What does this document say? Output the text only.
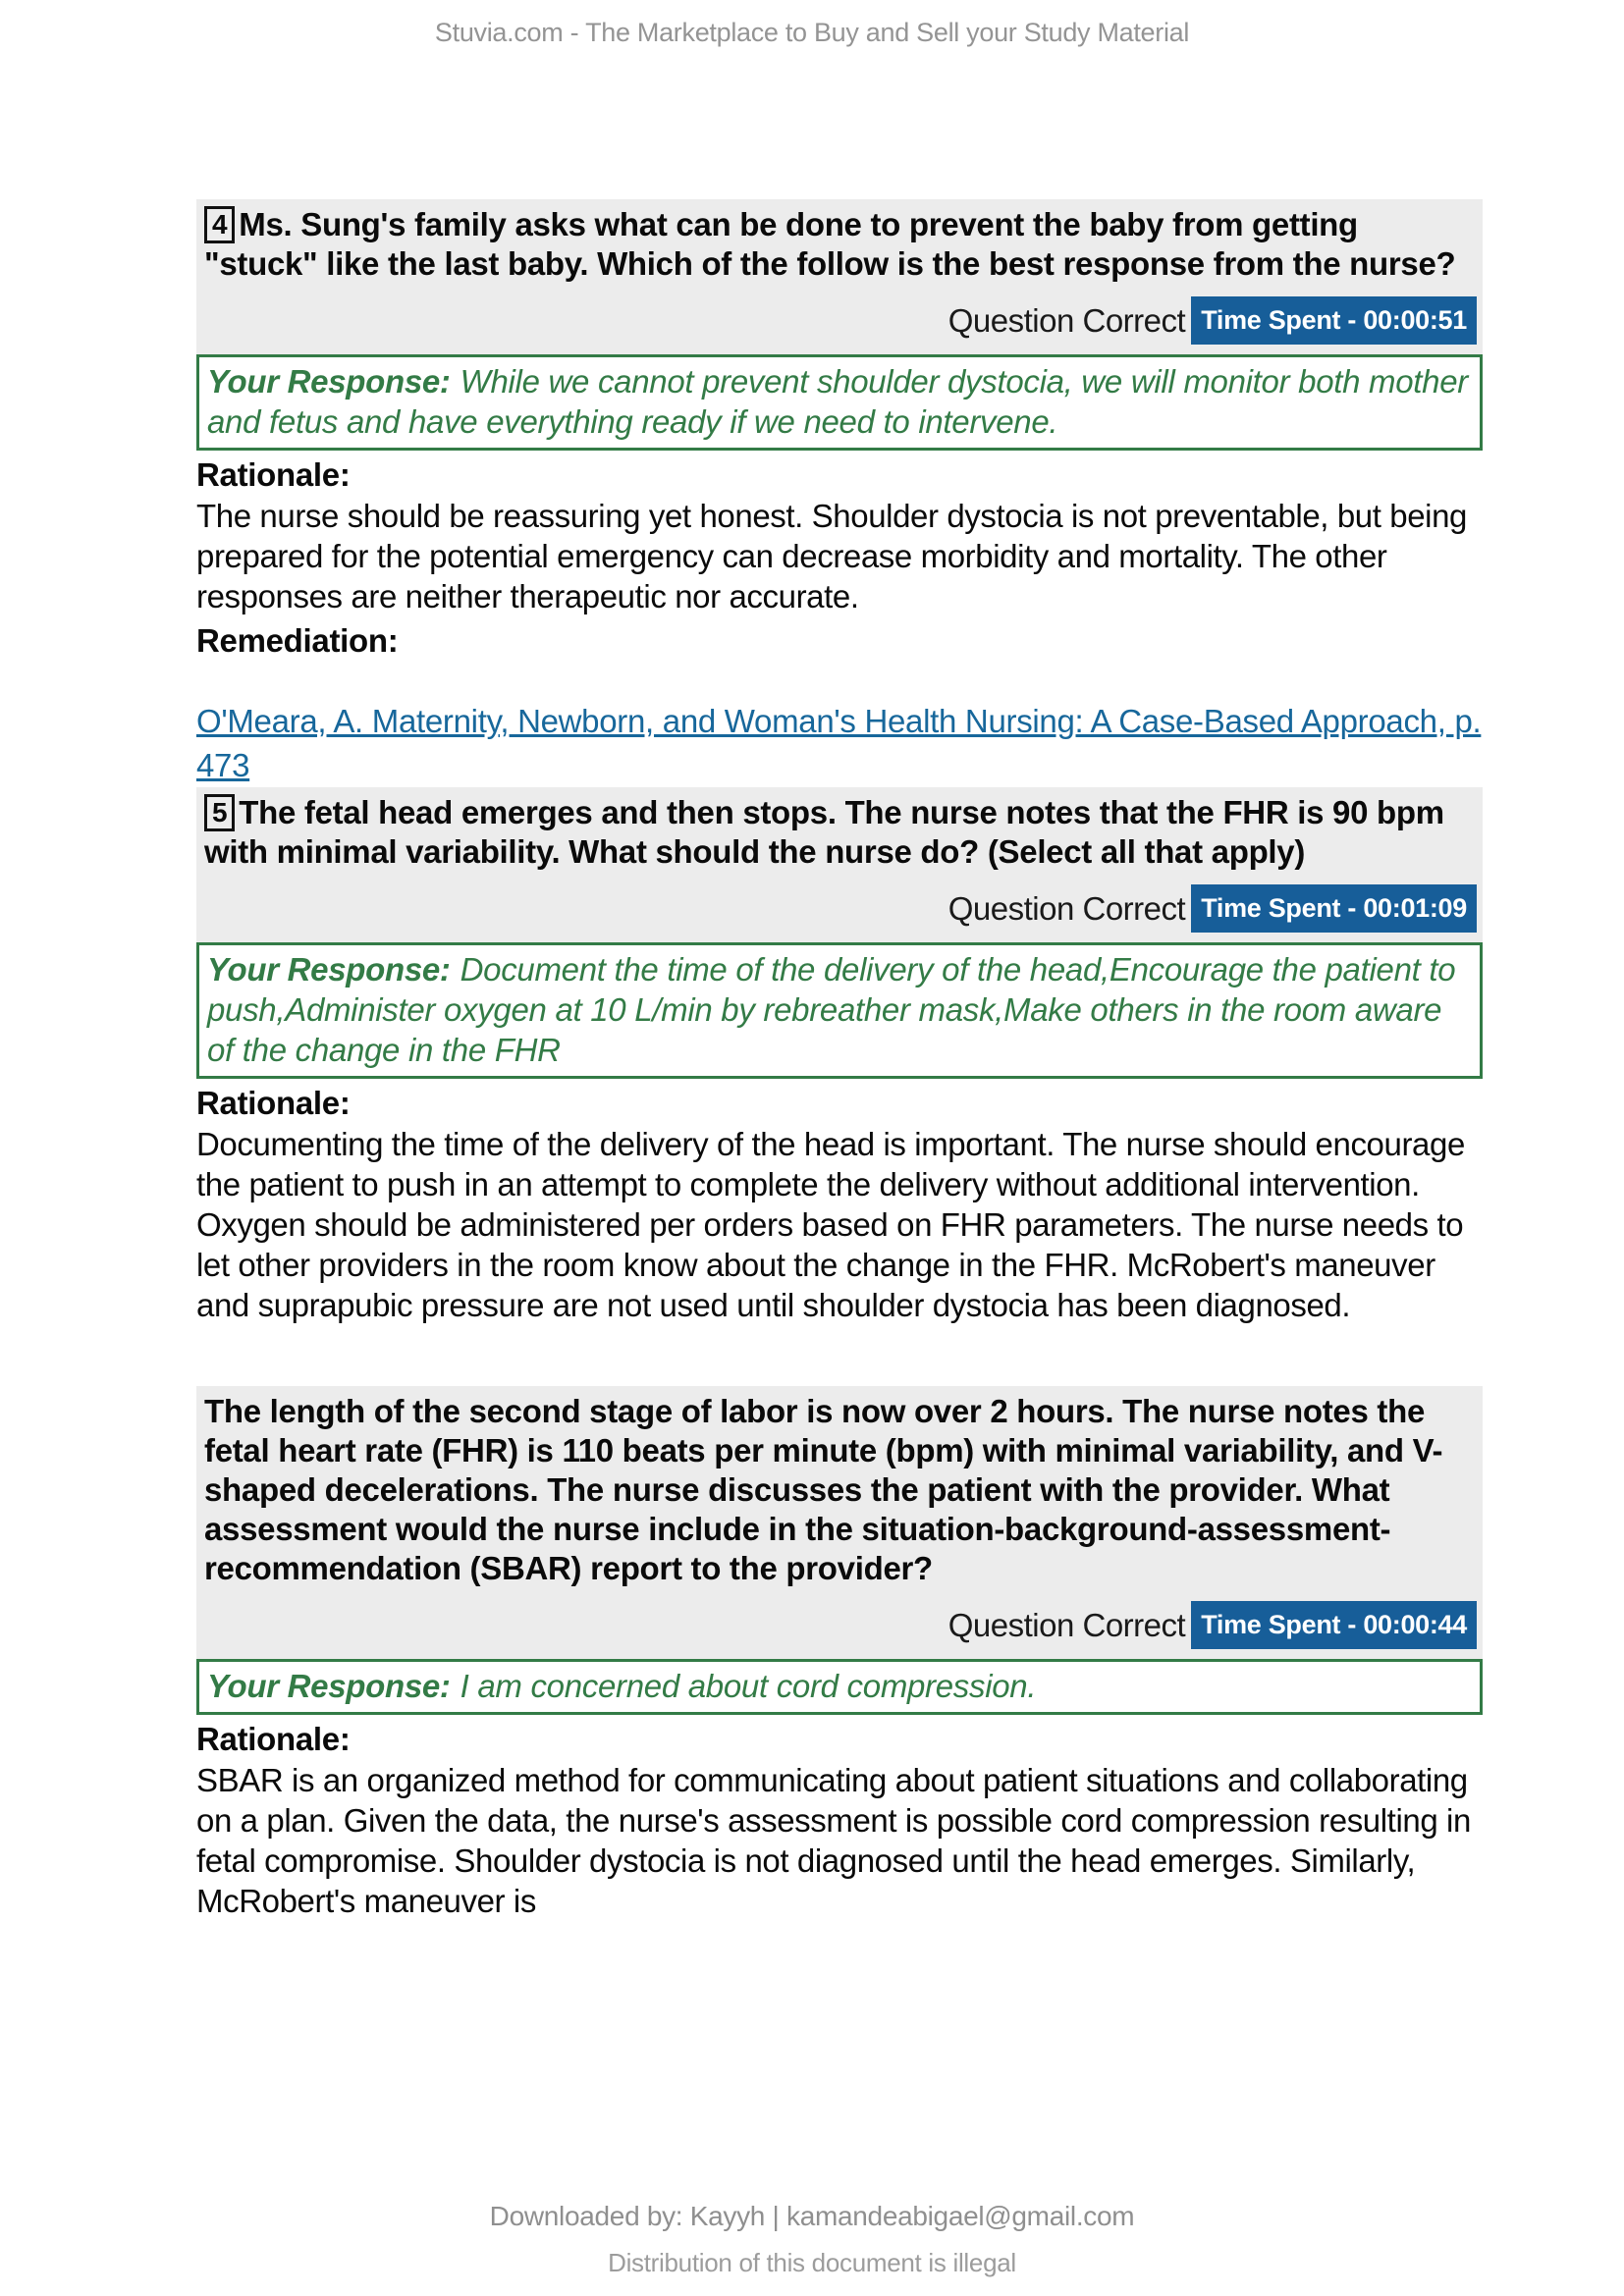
Stuvia.com - The Marketplace to Buy and Sell your Study Material
4 Ms. Sung's family asks what can be done to prevent the baby from getting "stuck" like the last baby. Which of the follow is the best response from the nurse?
Question Correct Time Spent - 00:00:51
Your Response: While we cannot prevent shoulder dystocia, we will monitor both mother and fetus and have everything ready if we need to intervene.
Rationale:

The nurse should be reassuring yet honest. Shoulder dystocia is not preventable, but being prepared for the potential emergency can decrease morbidity and mortality. The other responses are neither therapeutic nor accurate.

Remediation:
O'Meara, A. Maternity, Newborn, and Woman's Health Nursing: A Case-Based Approach, p. 473
5 The fetal head emerges and then stops. The nurse notes that the FHR is 90 bpm with minimal variability. What should the nurse do? (Select all that apply)
Question Correct Time Spent - 00:01:09
Your Response: Document the time of the delivery of the head,Encourage the patient to push,Administer oxygen at 10 L/min by rebreather mask,Make others in the room aware of the change in the FHR
Rationale:

Documenting the time of the delivery of the head is important. The nurse should encourage the patient to push in an attempt to complete the delivery without additional intervention. Oxygen should be administered per orders based on FHR parameters. The nurse needs to let other providers in the room know about the change in the FHR. McRobert's maneuver and suprapubic pressure are not used until shoulder dystocia has been diagnosed.

The length of the second stage of labor is now over 2 hours. The nurse notes the fetal heart rate (FHR) is 110 beats per minute (bpm) with minimal variability, and V-shaped decelerations. The nurse discusses the patient with the provider. What assessment would the nurse include in the situation-background-assessment-recommendation (SBAR) report to the provider?
Question Correct Time Spent - 00:00:44
Your Response: I am concerned about cord compression.
Rationale:

SBAR is an organized method for communicating about patient situations and collaborating on a plan. Given the data, the nurse's assessment is possible cord compression resulting in fetal compromise. Shoulder dystocia is not diagnosed until the head emerges. Similarly, McRobert's maneuver is

Downloaded by: Kayyh | kamandeabigael@gmail.com
Distribution of this document is illegal
